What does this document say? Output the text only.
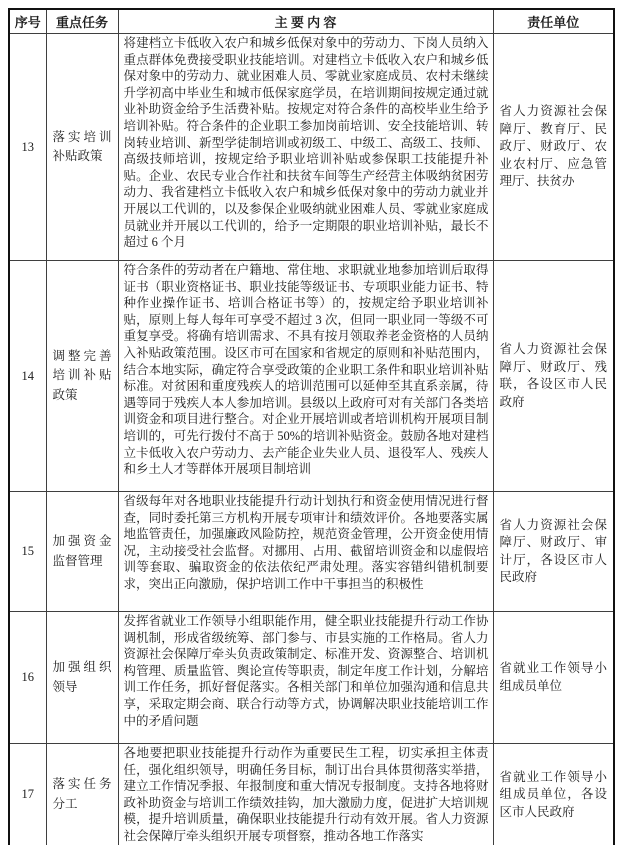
序号	重点任务	主 要 内 容	责任单位
13	落实培训补贴政策	将建档立卡低收入农户和城乡低保对象中的劳动力、下岗人员纳入重点群体免费接受职业技能培训。对建档立卡低收入农户和城乡低保对象中的劳动力、就业困难人员、零就业家庭成员、农村未继续升学初高中毕业生和城市低保家庭学员，在培训期间按规定通过就业补助资金给予生活费补贴。按规定对符合条件的高校毕业生给予培训补贴。符合条件的企业职工参加岗前培训、安全技能培训、转岗转业培训、新型学徒制培训或初级工、中级工、高级工、技师、高级技师培训，按规定给予职业培训补贴或参保职工技能提升补贴。企业、农民专业合作社和扶贫车间等生产经营主体吸纳贫困劳动力、我省建档立卡低收入农户和城乡低保对象中的劳动力就业并开展以工代训的，以及参保企业吸纳就业困难人员、零就业家庭成员就业并开展以工代训的，给予一定期限的职业培训补贴，最长不超过 6 个月	省人力资源社会保障厅、教育厅、民政厅、财政厅、农业农村厅、应急管理厅、扶贫办
14	调整完善培训补贴政策	符合条件的劳动者在户籍地、常住地、求职就业地参加培训后取得证书（职业资格证书、职业技能等级证书、专项职业能力证书、特种作业操作证书、培训合格证书等）的，按规定给予职业培训补贴，原则上每人每年可享受不超过 3 次，但同一职业同一等级不可重复享受。将确有培训需求、不具有按月领取养老金资格的人员纳入补贴政策范围。设区市可在国家和省规定的原则和补贴范围内，结合本地实际，确定符合享受政策的企业职工条件和职业培训补贴标准。对贫困和重度残疾人的培训范围可以延伸至其直系亲属，待遇等同于残疾人本人参加培训。县级以上政府可对有关部门各类培训资金和项目进行整合。对企业开展培训或者培训机构开展项目制培训的，可先行拨付不高于 50%的培训补贴资金。鼓励各地对建档立卡低收入农户劳动力、去产能企业失业人员、退役军人、残疾人和乡土人才等群体开展项目制培训	省人力资源社会保障厅、财政厅、残联，各设区市人民政府
15	加强资金监督管理	省级每年对各地职业技能提升行动计划执行和资金使用情况进行督查，同时委托第三方机构开展专项审计和绩效评价。各地要落实属地监管责任，加强廉政风险防控，规范资金管理，公开资金使用情况，主动接受社会监督。对挪用、占用、截留培训资金和以虚假培训等套取、骗取资金的依法依纪严肃处理。落实容错纠错机制要求，突出正向激励，保护培训工作中干事担当的积极性	省人力资源社会保障厅、财政厅、审计厅，各设区市人民政府
16	加强组织领导	发挥省就业工作领导小组职能作用，健全职业技能提升行动工作协调机制，形成省级统筹、部门参与、市县实施的工作格局。省人力资源社会保障厅牵头负责政策制定、标准开发、资源整合、培训机构管理、质量监管、舆论宣传等职责，制定年度工作计划，分解培训工作任务，抓好督促落实。各相关部门和单位加强沟通和信息共享，采取定期会商、联合行动等方式，协调解决职业技能培训工作中的矛盾问题	省就业工作领导小组成员单位
17	落实任务分工	各地要把职业技能提升行动作为重要民生工程，切实承担主体责任，强化组织领导，明确任务目标，制订出台具体贯彻落实举措，建立工作情况季报、年报制度和重大情况专报制度。支持各地将财政补助资金与培训工作绩效挂钩，加大激励力度，促进扩大培训规模，提升培训质量，确保职业技能提升行动有效开展。省人力资源社会保障厅牵头组织开展专项督察，推动各地工作落实	省就业工作领导小组成员单位，各设区市人民政府
